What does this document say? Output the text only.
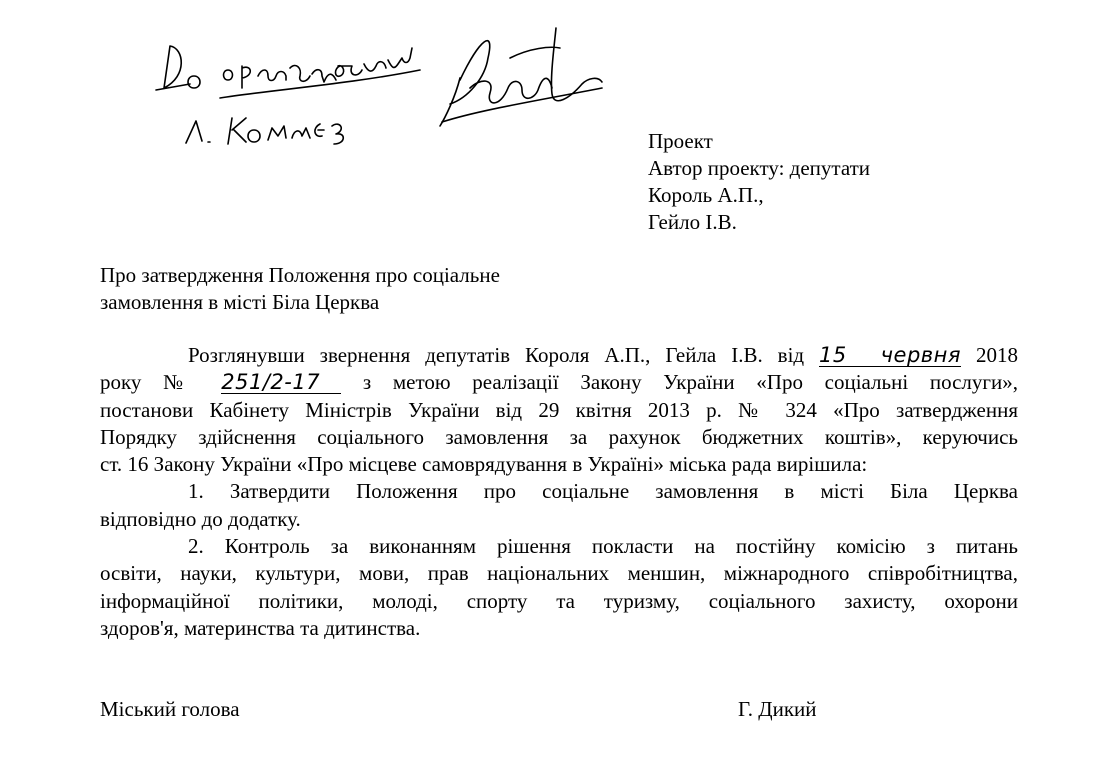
Проект
Автор проекту: депутати
Король А.П.,
Гейло І.В.
Про затвердження Положення про соціальне
замовлення в місті Біла Церква
Розглянувши звернення депутатів Короля А.П., Гейла І.В. від 15 червня 2018
року № 251/2-17 з метою реалізації Закону України «Про соціальні послуги»,
постанови Кабінету Міністрів України від 29 квітня 2013 р. № 324 «Про затвердження
Порядку здійснення соціального замовлення за рахунок бюджетних коштів», керуючись
ст. 16 Закону України «Про місцеве самоврядування в Україні» міська рада вирішила:
1. Затвердити Положення про соціальне замовлення в місті Біла Церква
відповідно до додатку.
2. Контроль за виконанням рішення покласти на постійну комісію з питань
освіти, науки, культури, мови, прав національних меншин, міжнародного співробітництва,
інформаційної політики, молоді, спорту та туризму, соціального захисту, охорони
здоров'я, материнства та дитинства.
Міський голова	Г. Дикий
